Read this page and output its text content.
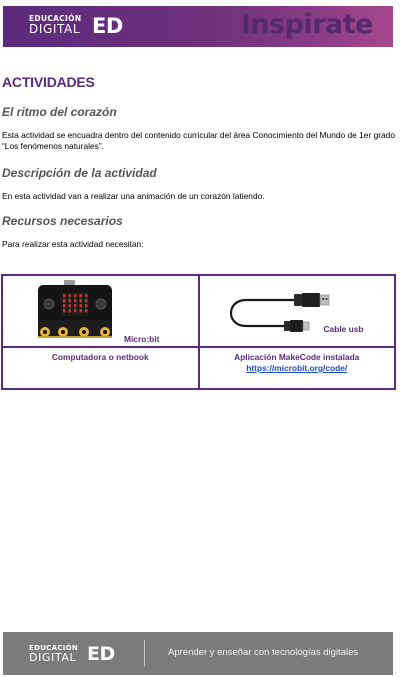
EDUCACIÓN
DIGITAL ED	Inspirate
ACTIVIDADES
El ritmo del corazón

Esta actividad se encuadra dentro del contenido curricular del área Conocimiento del Mundo de 1er grado “Los fenómenos naturales”.

Descripción de la actividad

En esta actividad van a realizar una animación de un corazón latiendo.

Recursos necesarios

Para realizar esta actividad necesitan:

Micro:bit	Cable usb

Computadora o netbook	Aplicación MakeCode instalada
https://microbit.org/code/
EDUCACIÓN
DIGITAL ED	Aprender y enseñar con tecnologías digitales
